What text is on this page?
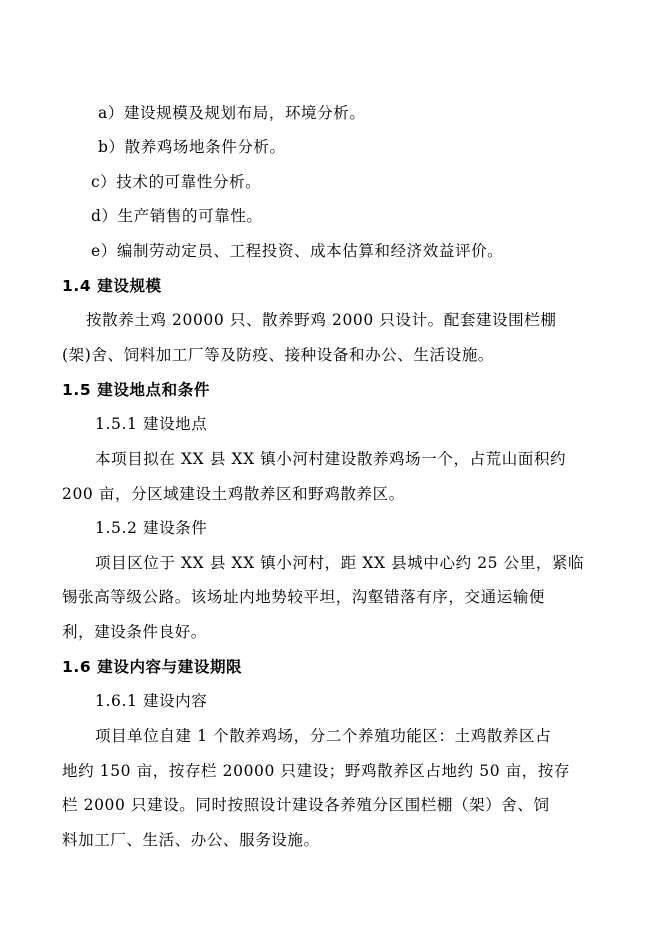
a）建设规模及规划布局，环境分析。
b）散养鸡场地条件分析。
c）技术的可靠性分析。
d）生产销售的可靠性。
e）编制劳动定员、工程投资、成本估算和经济效益评价。
1.4 建设规模
按散养土鸡 20000 只、散养野鸡 2000 只设计。配套建设围栏棚
(架)舍、饲料加工厂等及防疫、接种设备和办公、生活设施。
1.5 建设地点和条件
1.5.1 建设地点
本项目拟在 XX 县 XX 镇小河村建设散养鸡场一个，占荒山面积约
200 亩，分区域建设土鸡散养区和野鸡散养区。
1.5.2 建设条件
项目区位于 XX 县 XX 镇小河村，距 XX 县城中心约 25 公里，紧临
锡张高等级公路。该场址内地势较平坦，沟壑错落有序，交通运输便
利，建设条件良好。
1.6 建设内容与建设期限
1.6.1 建设内容
项目单位自建 1 个散养鸡场，分二个养殖功能区：土鸡散养区占
地约 150 亩，按存栏 20000 只建设；野鸡散养区占地约 50 亩，按存
栏 2000 只建设。同时按照设计建设各养殖分区围栏棚（架）舍、饲
料加工厂、生活、办公、服务设施。
